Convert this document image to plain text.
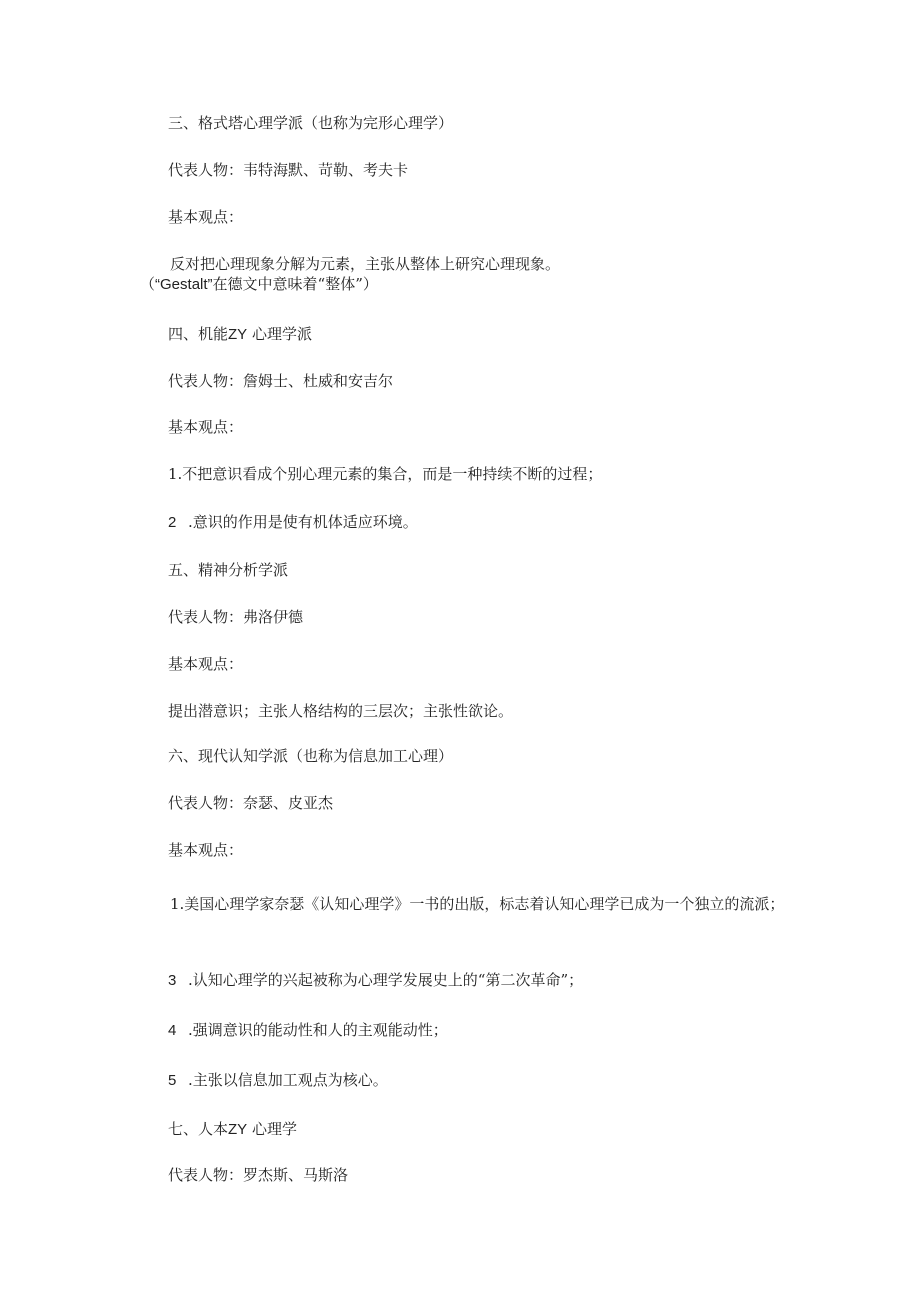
三、格式塔心理学派（也称为完形心理学）
代表人物：韦特海默、苛勒、考夫卡
基本观点：
反对把心理现象分解为元素，主张从整体上研究心理现象。（“Gestalt”在德文中意味着“整体”）
四、机能ZY 心理学派
代表人物：詹姆士、杜威和安吉尔
基本观点：
1.不把意识看成个别心理元素的集合，而是一种持续不断的过程；
2 .意识的作用是使有机体适应环境。
五、精神分析学派
代表人物：弗洛伊德
基本观点：
提出潜意识；主张人格结构的三层次；主张性欲论。
六、现代认知学派（也称为信息加工心理）
代表人物：奈瑟、皮亚杰
基本观点：
1.美国心理学家奈瑟《认知心理学》一书的出版，标志着认知心理学已成为一个独立的流派；
3 .认知心理学的兴起被称为心理学发展史上的“第二次革命”；
4 .强调意识的能动性和人的主观能动性；
5 .主张以信息加工观点为核心。
七、人本ZY 心理学
代表人物：罗杰斯、马斯洛
